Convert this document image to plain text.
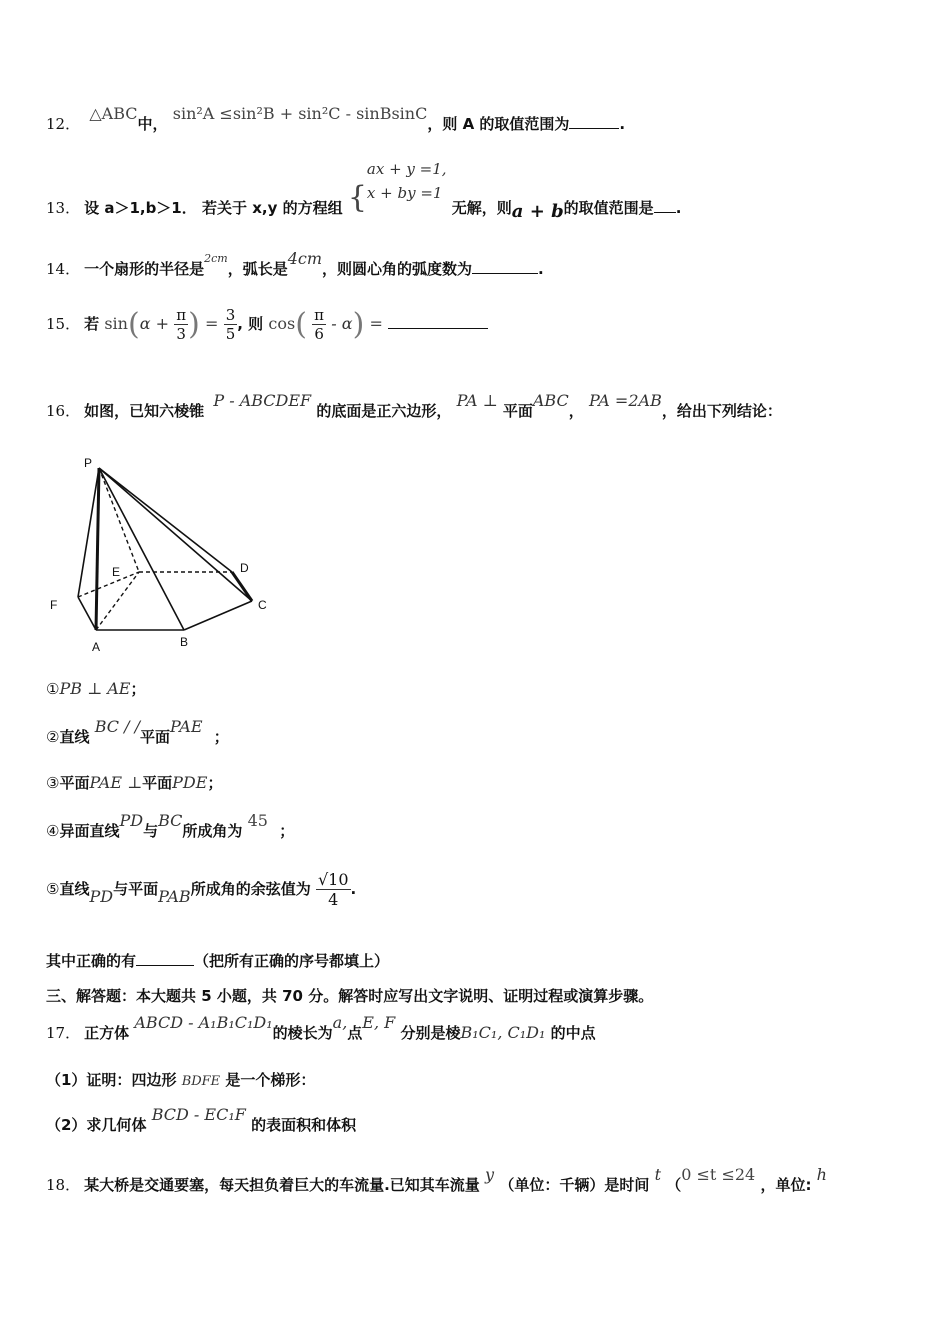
12． △ABC中， sin²A ≤sin²B + sin²C - sinBsinC，则 A 的取值范围为	.
13． 设 a＞1,b＞1． 若关于 x,y 的方程组 {
ax + y =1,
x + by =1
无解，则a + b的取值范围是 .
14． 一个扇形的半径是$^{2cm}$，弧长是4cm，则圆心角的弧度数为	.
15． 若 $\sin(\alpha + \frac{\pi}{3}$ ) = $\frac{3}{5}$ , 则 $\cos( \frac{\pi}{6} - \alpha)$ =
16． 如图，已知六棱锥 P - ABCDEF 的底面是正六边形， PA ⊥ 平面ABC， PA =2AB，给出下列结论：
P
E	D
F	C
A	B
①PB ⊥ AE；
②直线 BC / /平面PAE ；
③平面PAE ⊥平面PDE；
④异面直线PD与BC所成角为 45 ；
⑤直线PD与平面PAB所成角的余弦值为 $\frac{√10}{4}$ .
其中正确的有	（把所有正确的序号都填上）
三、解答题：本大题共 5 小题，共 70 分。解答时应写出文字说明、证明过程或演算步骤。
17． 正方体 ABCD - A₁B₁C₁D₁的棱长为a,点E, F 分别是棱B₁C₁, C₁D₁ 的中点
（1）证明：四边形 BDFE 是一个梯形：
（2）求几何体 BCD - EC₁F 的表面积和体积
18． 某大桥是交通要塞，每天担负着巨大的车流量.已知其车流量 y （单位：千辆）是时间 t （0 ≤t ≤24 ，单位: h
